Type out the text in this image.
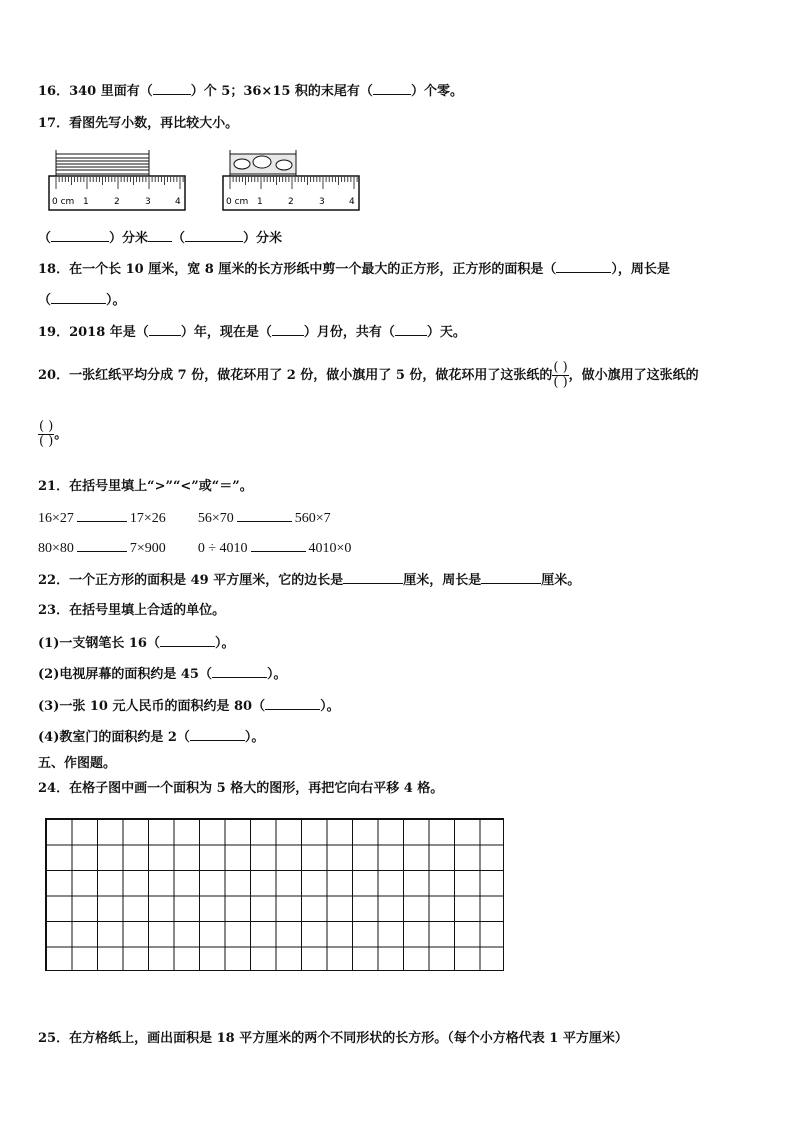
16．340 里面有（	）个 5；36×15 积的末尾有（	）个零。
17．看图先写小数，再比较大小。
0 cm 1	2	3	4	0 cm 1	2	3	4
（	）分米 （	）分米
18．在一个长 10 厘米，宽 8 厘米的长方形纸中剪一个最大的正方形，正方形的面积是（	），周长是
（	）。
19．2018 年是（ ）年，现在是（ ）月份，共有（ ）天。
20．一张红纸平均分成 7 份，做花环用了 2 份，做小旗用了 5 份，做花环用了这张纸的 $\frac{( )}{( )}$ ，做小旗用了这张纸的
$\frac{( )}{( )}$ 。
21．在括号里填上“>”“<”或“＝”。
16×27	17×26 56×70	560×7
80×80	7×900 0 ÷ 4010	4010×0
22．一个正方形的面积是 49 平方厘米，它的边长是	厘米，周长是	厘米。
23．在括号里填上合适的单位。
(1)一支钢笔长 16（	）。
(2)电视屏幕的面积约是 45（	）。
(3)一张 10 元人民币的面积约是 80（	）。
(4)教室门的面积约是 2（	）。
五、作图题。
24．在格子图中画一个面积为 5 格大的图形，再把它向右平移 4 格。
25．在方格纸上，画出面积是 18 平方厘米的两个不同形状的长方形。（每个小方格代表 1 平方厘米）
